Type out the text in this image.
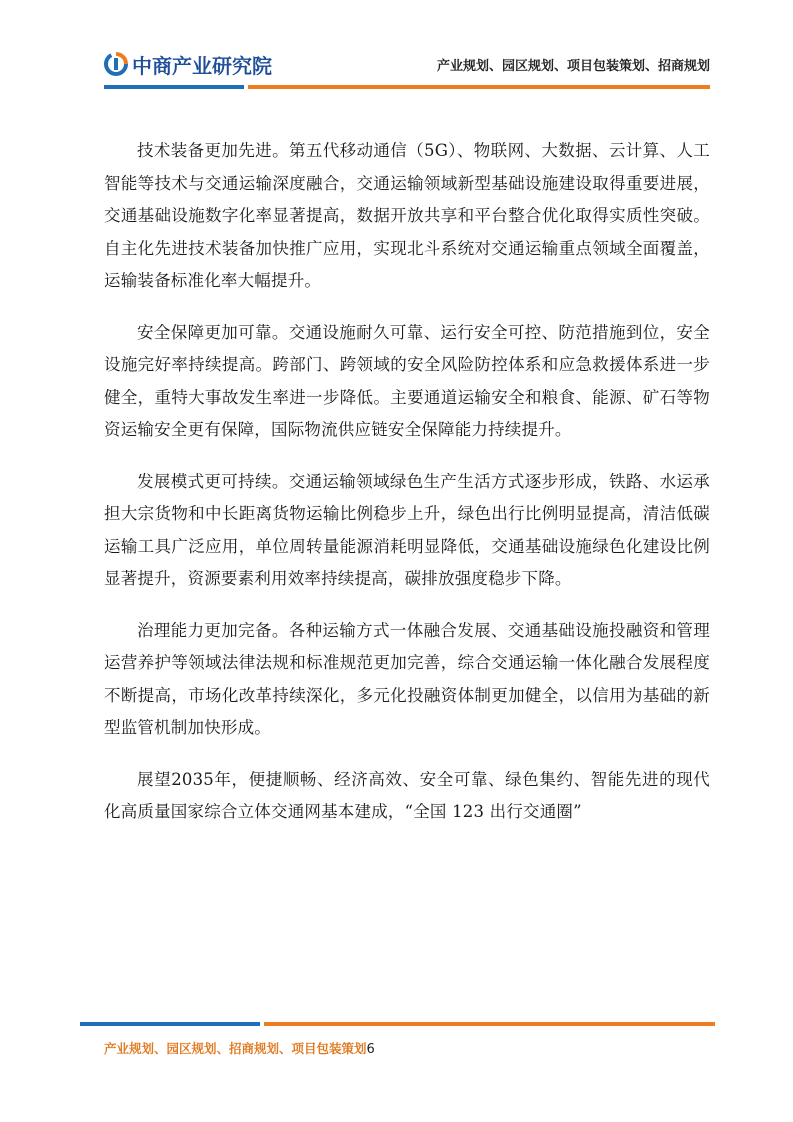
中商产业研究院	产业规划、园区规划、项目包装策划、招商规划

技术装备更加先进。第五代移动通信（5G）、物联网、大数据、云计算、人工智能等技术与交通运输深度融合，交通运输领域新型基础设施建设取得重要进展，交通基础设施数字化率显著提高，数据开放共享和平台整合优化取得实质性突破。自主化先进技术装备加快推广应用，实现北斗系统对交通运输重点领域全面覆盖，运输装备标准化率大幅提升。

安全保障更加可靠。交通设施耐久可靠、运行安全可控、防范措施到位，安全设施完好率持续提高。跨部门、跨领域的安全风险防控体系和应急救援体系进一步健全，重特大事故发生率进一步降低。主要通道运输安全和粮食、能源、矿石等物资运输安全更有保障，国际物流供应链安全保障能力持续提升。

发展模式更可持续。交通运输领域绿色生产生活方式逐步形成，铁路、水运承担大宗货物和中长距离货物运输比例稳步上升，绿色出行比例明显提高，清洁低碳运输工具广泛应用，单位周转量能源消耗明显降低，交通基础设施绿色化建设比例显著提升，资源要素利用效率持续提高，碳排放强度稳步下降。

治理能力更加完备。各种运输方式一体融合发展、交通基础设施投融资和管理运营养护等领域法律法规和标准规范更加完善，综合交通运输一体化融合发展程度不断提高，市场化改革持续深化，多元化投融资体制更加健全，以信用为基础的新型监管机制加快形成。

展望2035年，便捷顺畅、经济高效、安全可靠、绿色集约、智能先进的现代化高质量国家综合立体交通网基本建成，“全国 123 出行交通圈”

产业规划、园区规划、招商规划、项目包装策划6
